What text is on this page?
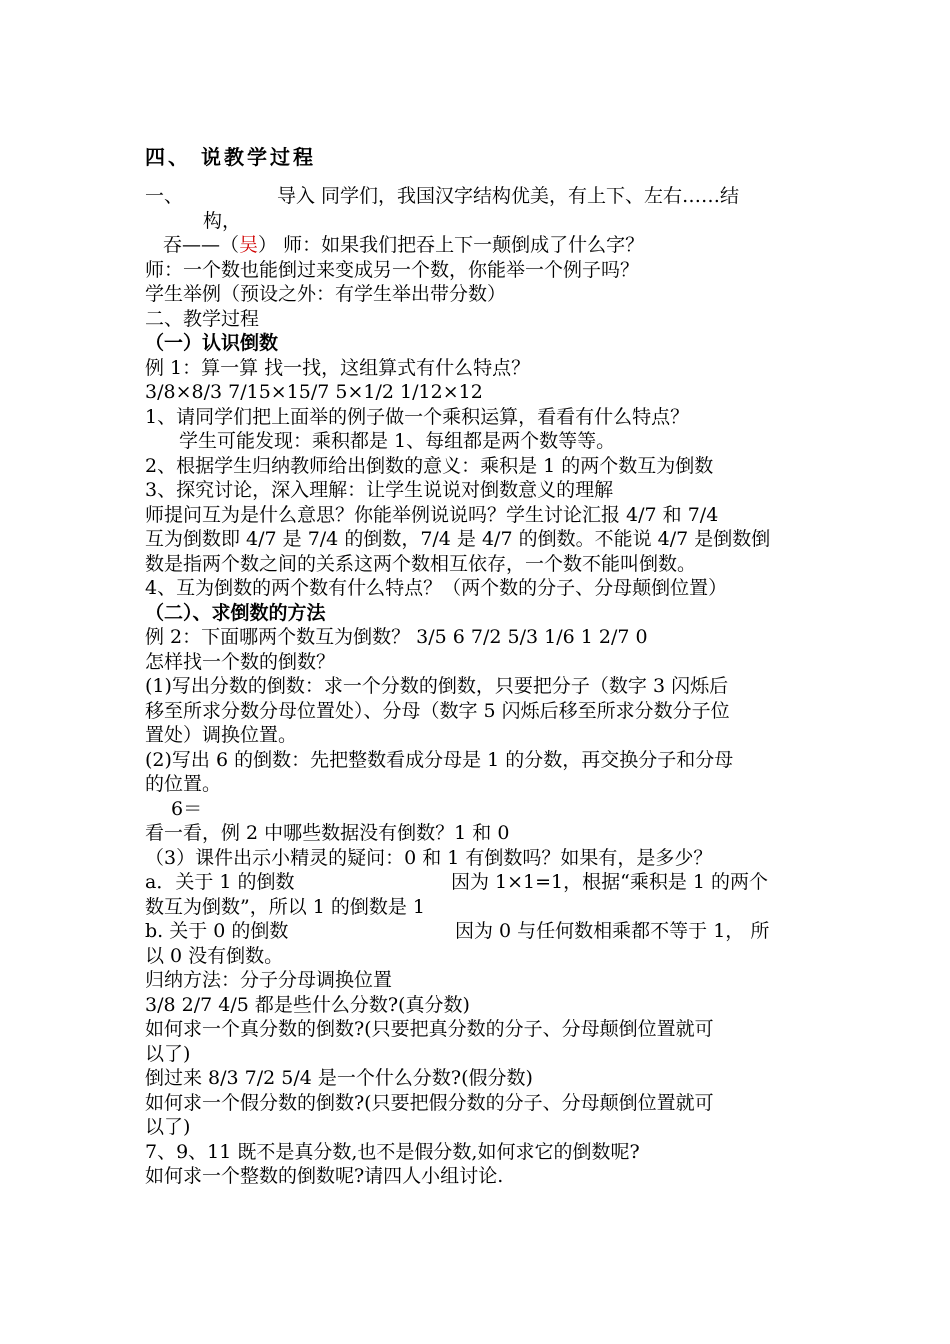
四、 说教学过程
一、	导入 同学们，我国汉字结构优美，有上下、左右……结
构，
吞——（吴） 师：如果我们把吞上下一颠倒成了什么字？
师：一个数也能倒过来变成另一个数，你能举一个例子吗？
学生举例（预设之外：有学生举出带分数）
二、教学过程
（一）认识倒数
例 1：算一算 找一找，这组算式有什么特点？
3/8×8/3 7/15×15/7 5×1/2 1/12×12
1、请同学们把上面举的例子做一个乘积运算，看看有什么特点？
学生可能发现：乘积都是 1、每组都是两个数等等。
2、根据学生归纳教师给出倒数的意义：乘积是 1 的两个数互为倒数
3、探究讨论，深入理解：让学生说说对倒数意义的理解
师提问互为是什么意思？你能举例说说吗？学生讨论汇报 4/7 和 7/4
互为倒数即 4/7 是 7/4 的倒数，7/4 是 4/7 的倒数。不能说 4/7 是倒数倒
数是指两个数之间的关系这两个数相互依存，一个数不能叫倒数。
4、互为倒数的两个数有什么特点？（两个数的分子、分母颠倒位置）
（二）、求倒数的方法
例 2：下面哪两个数互为倒数？ 3/5 6 7/2 5/3 1/6 1 2/7 0
怎样找一个数的倒数？
(1)写出分数的倒数：求一个分数的倒数，只要把分子（数字 3 闪烁后
移至所求分数分母位置处）、分母（数字 5 闪烁后移至所求分数分子位
置处）调换位置。
(2)写出 6 的倒数：先把整数看成分母是 1 的分数，再交换分子和分母
的位置。
6＝
看一看，例 2 中哪些数据没有倒数？1 和 0
（3）课件出示小精灵的疑问：0 和 1 有倒数吗？如果有，是多少？
a．关于 1 的倒数	因为 1×1=1，根据“乘积是 1 的两个
数互为倒数”，所以 1 的倒数是 1
b. 关于 0 的倒数	因为 0 与任何数相乘都不等于 1， 所
以 0 没有倒数。
归纳方法：分子分母调换位置
3/8 2/7 4/5 都是些什么分数?(真分数)
如何求一个真分数的倒数?(只要把真分数的分子、分母颠倒位置就可
以了)
倒过来 8/3 7/2 5/4 是一个什么分数?(假分数)
如何求一个假分数的倒数?(只要把假分数的分子、分母颠倒位置就可
以了)
7、9、11 既不是真分数,也不是假分数,如何求它的倒数呢?
如何求一个整数的倒数呢?请四人小组讨论.
